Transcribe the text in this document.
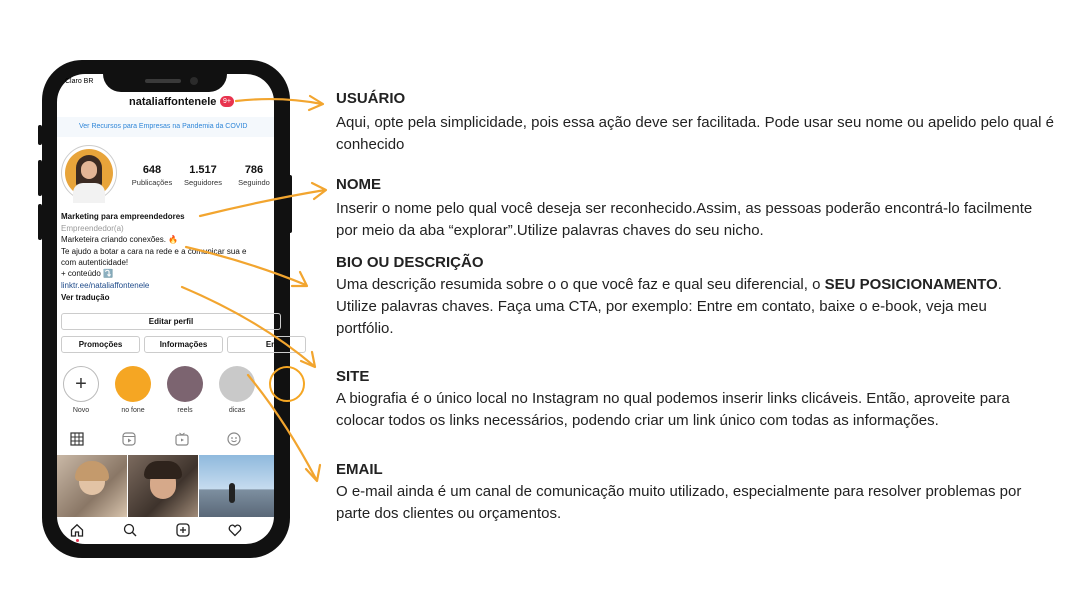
Claro BR
nataliaffontenele 9+
Ver Recursos para Empresas na Pandemia da COVID
648
Publicações
1.517
Seguidores
786
Seguindo
Marketing para empreendedores
Empreendedor(a)
Marketeira criando conexões. 🔥
Te ajudo a botar a cara na rede e a comunicar sua e
com autenticidade!
+ conteúdo ⤵️
linktr.ee/nataliaffontenele
Ver tradução
Editar perfil
Promoções	Informações	Email
+
Novo	no fone	reels	dicas
USUÁRIO
Aqui, opte pela simplicidade, pois essa ação deve ser facilitada. Pode usar seu nome ou apelido pelo qual é conhecido
NOME
Inserir o nome pelo qual você deseja ser reconhecido.Assim, as pessoas poderão encontrá-lo facilmente por meio da aba “explorar”.Utilize palavras chaves do seu nicho.
BIO OU DESCRIÇÃO
Uma descrição resumida sobre o o que você faz e qual seu diferencial, o SEU POSICIONAMENTO. Utilize palavras chaves. Faça uma CTA, por exemplo: Entre em contato, baixe o e-book, veja meu portfólio.
SITE
A biografia é o único local no Instagram no qual podemos inserir links clicáveis. Então, aproveite para colocar todos os links necessários, podendo criar um link único com todas as informações.
EMAIL
O e-mail ainda é um canal de comunicação muito utilizado, especialmente para resolver problemas por parte dos clientes ou orçamentos.
